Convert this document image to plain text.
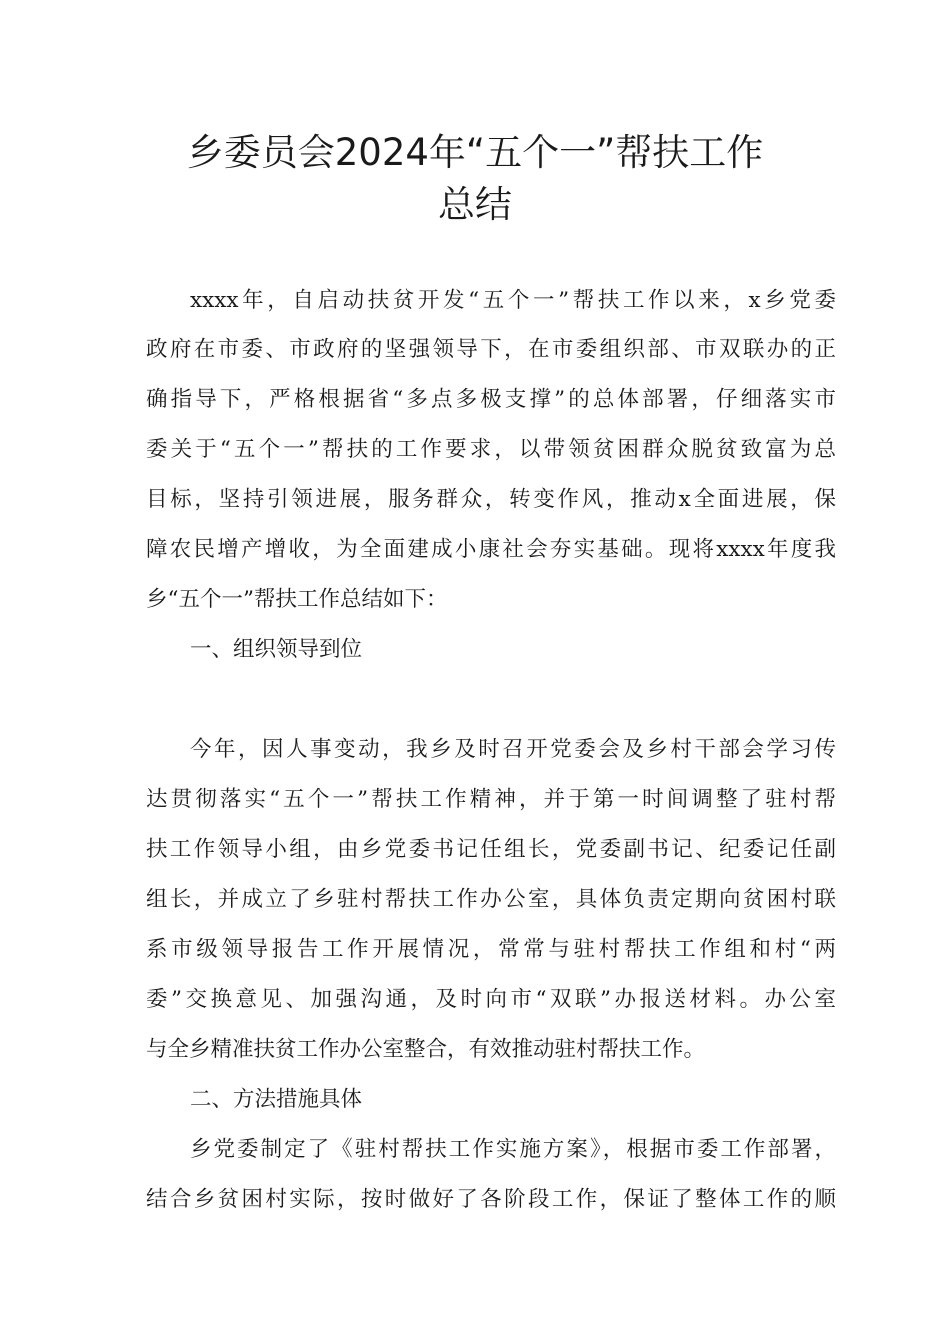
乡委员会2024年“五个一”帮扶工作
总结

xxxx年，自启动扶贫开发“五个一”帮扶工作以来，x乡党委

政府在市委、市政府的坚强领导下，在市委组织部、市双联办的正

确指导下，严格根据省“多点多极支撑”的总体部署，仔细落实市

委关于“五个一”帮扶的工作要求，以带领贫困群众脱贫致富为总

目标，坚持引领进展，服务群众，转变作风，推动x全面进展，保

障农民增产增收，为全面建成小康社会夯实基础。现将xxxx年度我

乡“五个一”帮扶工作总结如下：

一、组织领导到位

今年，因人事变动，我乡及时召开党委会及乡村干部会学习传

达贯彻落实“五个一”帮扶工作精神，并于第一时间调整了驻村帮

扶工作领导小组，由乡党委书记任组长，党委副书记、纪委记任副

组长，并成立了乡驻村帮扶工作办公室，具体负责定期向贫困村联

系市级领导报告工作开展情况，常常与驻村帮扶工作组和村“两

委”交换意见、加强沟通，及时向市“双联”办报送材料。办公室

与全乡精准扶贫工作办公室整合，有效推动驻村帮扶工作。

二、方法措施具体

乡党委制定了《驻村帮扶工作实施方案》，根据市委工作部署，

结合乡贫困村实际，按时做好了各阶段工作，保证了整体工作的顺
